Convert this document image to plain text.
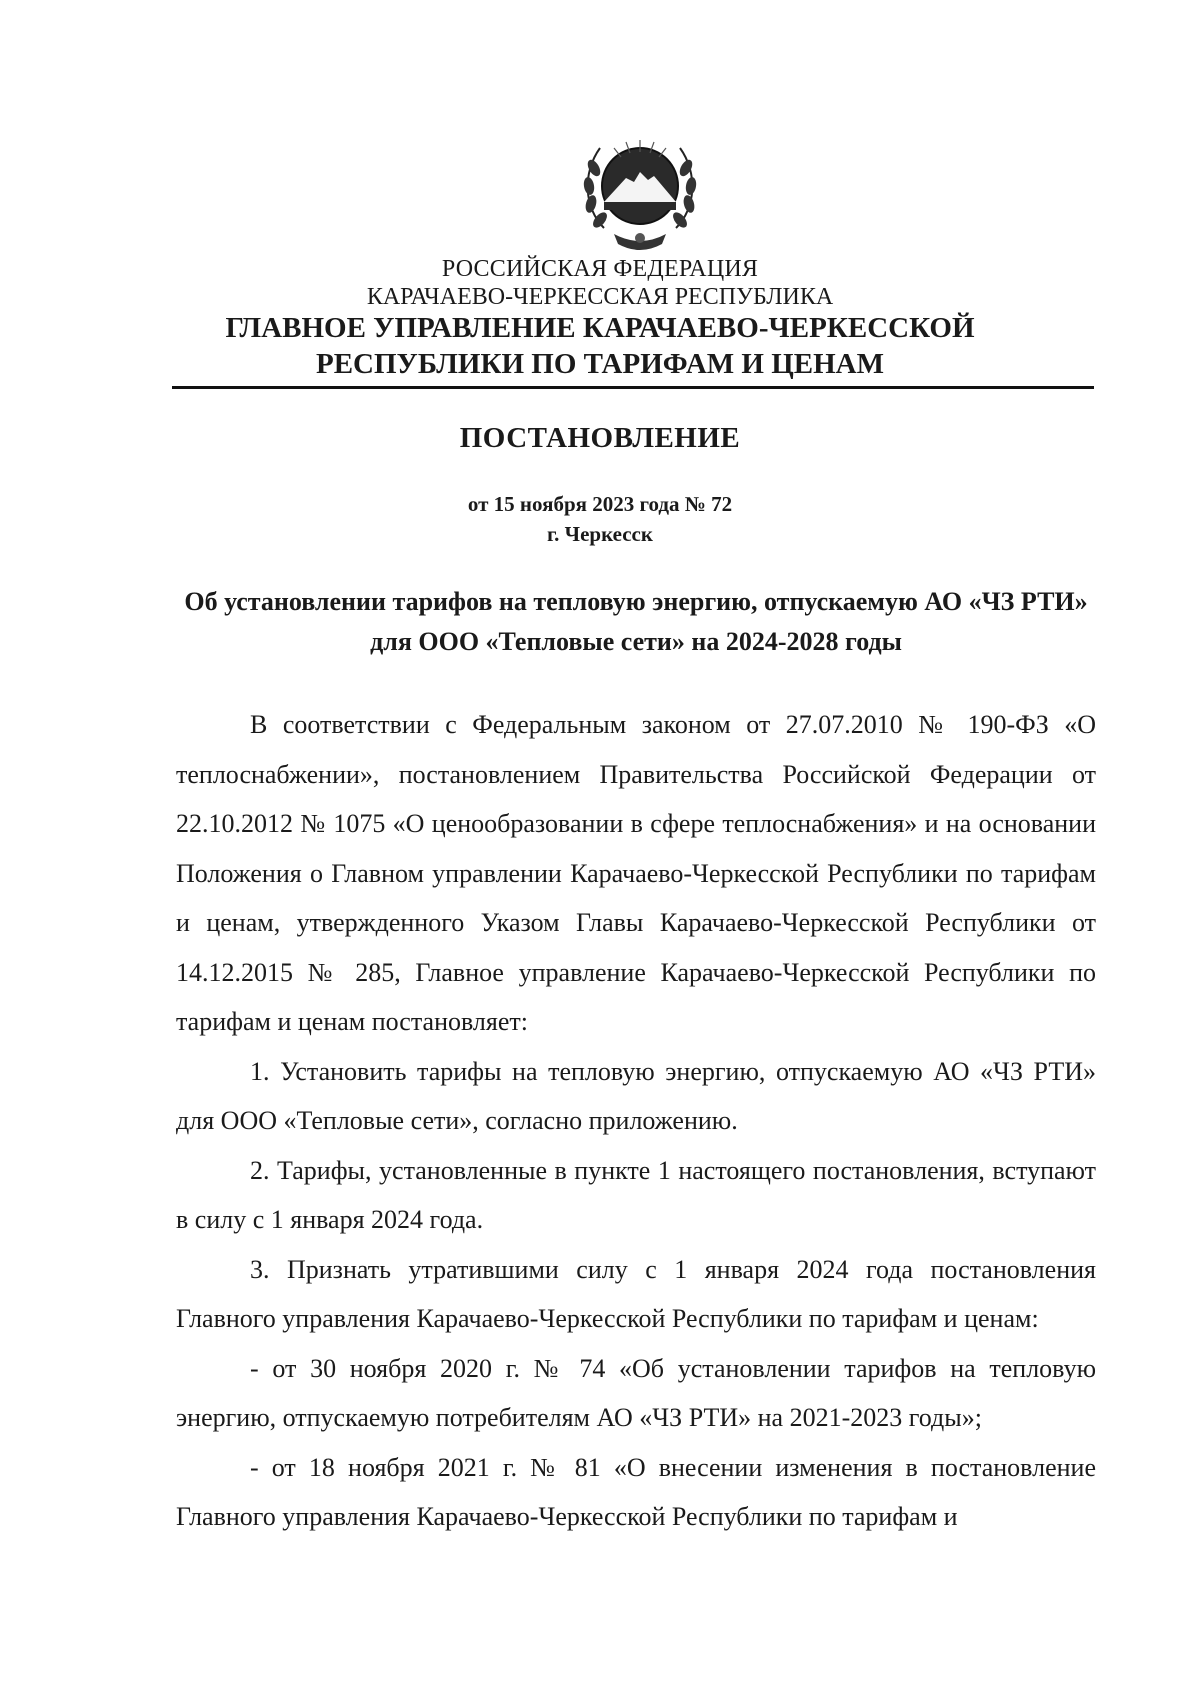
РОССИЙСКАЯ ФЕДЕРАЦИЯ
КАРАЧАЕВО-ЧЕРКЕССКАЯ РЕСПУБЛИКА
ГЛАВНОЕ УПРАВЛЕНИЕ КАРАЧАЕВО-ЧЕРКЕССКОЙ
РЕСПУБЛИКИ ПО ТАРИФАМ И ЦЕНАМ
ПОСТАНОВЛЕНИЕ
от 15 ноября 2023 года № 72
г. Черкесск
Об установлении тарифов на тепловую энергию, отпускаемую АО «ЧЗ РТИ» для ООО «Тепловые сети» на 2024-2028 годы

В соответствии с Федеральным законом от 27.07.2010 № 190-ФЗ «О теплоснабжении», постановлением Правительства Российской Федерации от 22.10.2012 № 1075 «О ценообразовании в сфере теплоснабжения» и на основании Положения о Главном управлении Карачаево-Черкесской Республики по тарифам и ценам, утвержденного Указом Главы Карачаево-Черкесской Республики от 14.12.2015 № 285, Главное управление Карачаево-Черкесской Республики по тарифам и ценам постановляет:

1. Установить тарифы на тепловую энергию, отпускаемую АО «ЧЗ РТИ» для ООО «Тепловые сети», согласно приложению.

2. Тарифы, установленные в пункте 1 настоящего постановления, вступают в силу с 1 января 2024 года.

3. Признать утратившими силу с 1 января 2024 года постановления Главного управления Карачаево-Черкесской Республики по тарифам и ценам:

- от 30 ноября 2020 г. № 74 «Об установлении тарифов на тепловую энергию, отпускаемую потребителям АО «ЧЗ РТИ» на 2021-2023 годы»;

- от 18 ноября 2021 г. № 81 «О внесении изменения в постановление Главного управления Карачаево-Черкесской Республики по тарифам и
